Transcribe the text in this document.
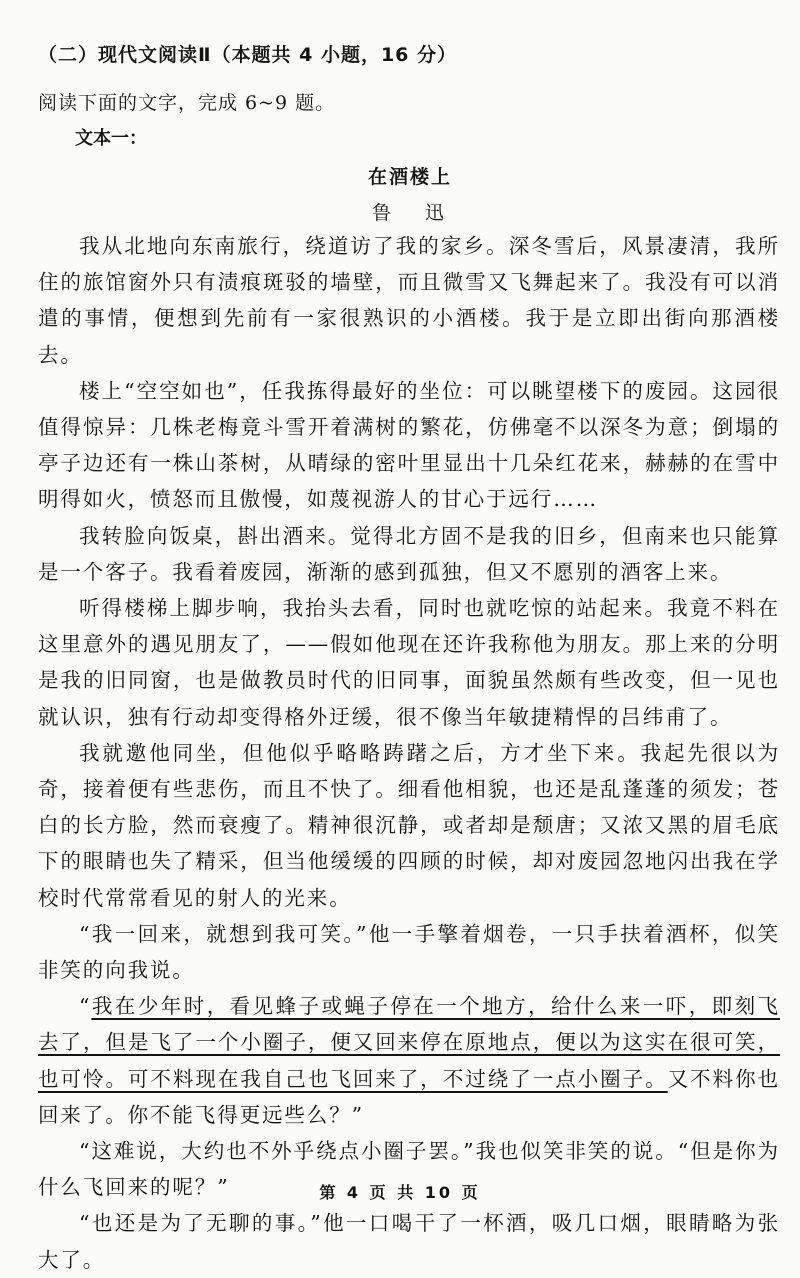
（二）现代文阅读Ⅱ（本题共 4 小题，16 分）
阅读下面的文字，完成 6~9 题。
文本一：
在酒楼上
鲁 迅

我从北地向东南旅行，绕道访了我的家乡。深冬雪后，风景凄清，我所住的旅馆窗外只有渍痕斑驳的墙壁，而且微雪又飞舞起来了。我没有可以消遣的事情，便想到先前有一家很熟识的小酒楼。我于是立即出街向那酒楼去。

楼上“空空如也”，任我拣得最好的坐位：可以眺望楼下的废园。这园很值得惊异：几株老梅竟斗雪开着满树的繁花，仿佛毫不以深冬为意；倒塌的亭子边还有一株山茶树，从晴绿的密叶里显出十几朵红花来，赫赫的在雪中明得如火，愤怒而且傲慢，如蔑视游人的甘心于远行……

我转脸向饭桌，斟出酒来。觉得北方固不是我的旧乡，但南来也只能算是一个客子。我看着废园，渐渐的感到孤独，但又不愿别的酒客上来。

听得楼梯上脚步响，我抬头去看，同时也就吃惊的站起来。我竟不料在这里意外的遇见朋友了，——假如他现在还许我称他为朋友。那上来的分明是我的旧同窗，也是做教员时代的旧同事，面貌虽然颇有些改变，但一见也就认识，独有行动却变得格外迂缓，很不像当年敏捷精悍的吕纬甫了。

我就邀他同坐，但他似乎略略踌躇之后，方才坐下来。我起先很以为奇，接着便有些悲伤，而且不快了。细看他相貌，也还是乱蓬蓬的须发；苍白的长方脸，然而衰瘦了。精神很沉静，或者却是颓唐；又浓又黑的眉毛底下的眼睛也失了精采，但当他缓缓的四顾的时候，却对废园忽地闪出我在学校时代常常看见的射人的光来。

“我一回来，就想到我可笑。”他一手擎着烟卷，一只手扶着酒杯，似笑非笑的向我说。

“我在少年时，看见蜂子或蝇子停在一个地方，给什么来一吓，即刻飞去了，但是飞了一个小圈子，便又回来停在原地点，便以为这实在很可笑，也可怜。可不料现在我自己也飞回来了，不过绕了一点小圈子。又不料你也回来了。你不能飞得更远些么？”

“这难说，大约也不外乎绕点小圈子罢。”我也似笑非笑的说。“但是你为什么飞回来的呢？”

“也还是为了无聊的事。”他一口喝干了一杯酒，吸几口烟，眼睛略为张大了。

第 4 页 共 10 页
